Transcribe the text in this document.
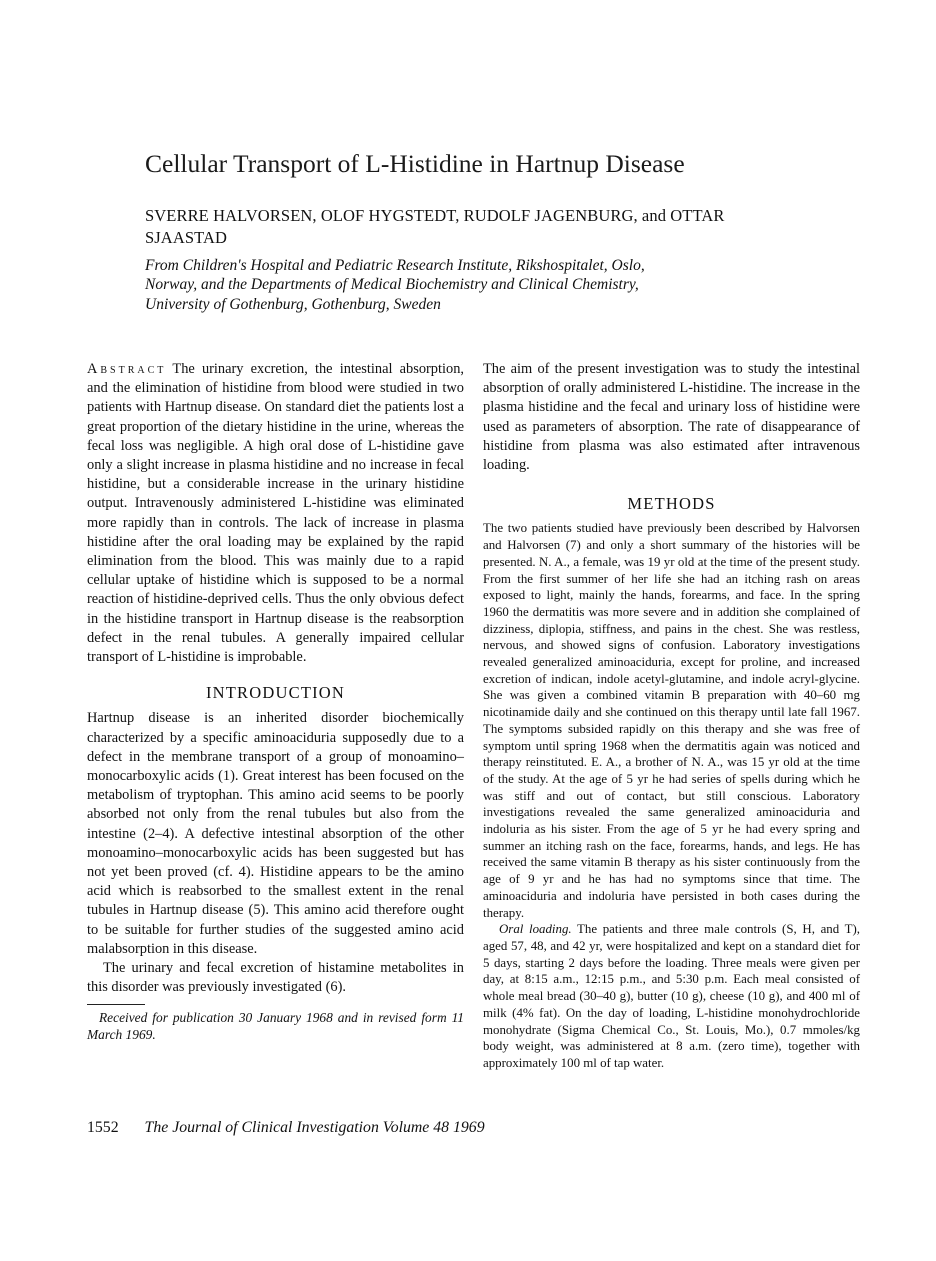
Cellular Transport of L-Histidine in Hartnup Disease
SVERRE HALVORSEN, OLOF HYGSTEDT, RUDOLF JAGENBURG, and OTTAR SJAASTAD
From Children's Hospital and Pediatric Research Institute, Rikshospitalet, Oslo, Norway, and the Departments of Medical Biochemistry and Clinical Chemistry, University of Gothenburg, Gothenburg, Sweden

Abstract The urinary excretion, the intestinal absorption, and the elimination of histidine from blood were studied in two patients with Hartnup disease. On standard diet the patients lost a great proportion of the dietary histidine in the urine, whereas the fecal loss was negligible. A high oral dose of L-histidine gave only a slight increase in plasma histidine and no increase in fecal histidine, but a considerable increase in the urinary histidine output. Intravenously administered L-histidine was eliminated more rapidly than in controls. The lack of increase in plasma histidine after the oral loading may be explained by the rapid elimination from the blood. This was mainly due to a rapid cellular uptake of histidine which is supposed to be a normal reaction of histidine-deprived cells. Thus the only obvious defect in the histidine transport in Hartnup disease is the reabsorption defect in the renal tubules. A generally impaired cellular transport of L-histidine is improbable.

INTRODUCTION

Hartnup disease is an inherited disorder biochemically characterized by a specific aminoaciduria supposedly due to a defect in the membrane transport of a group of monoamino–monocarboxylic acids (1). Great interest has been focused on the metabolism of tryptophan. This amino acid seems to be poorly absorbed not only from the renal tubules but also from the intestine (2–4). A defective intestinal absorption of the other monoamino–monocarboxylic acids has been suggested but has not yet been proved (cf. 4). Histidine appears to be the amino acid which is reabsorbed to the smallest extent in the renal tubules in Hartnup disease (5). This amino acid therefore ought to be suitable for further studies of the suggested amino acid malabsorption in this disease.

The urinary and fecal excretion of histamine metabolites in this disorder was previously investigated (6).

Received for publication 30 January 1968 and in revised form 11 March 1969.

The aim of the present investigation was to study the intestinal absorption of orally administered L-histidine. The increase in the plasma histidine and the fecal and urinary loss of histidine were used as parameters of absorption. The rate of disappearance of histidine from plasma was also estimated after intravenous loading.

METHODS

The two patients studied have previously been described by Halvorsen and Halvorsen (7) and only a short summary of the histories will be presented. N. A., a female, was 19 yr old at the time of the present study. From the first summer of her life she had an itching rash on areas exposed to light, mainly the hands, forearms, and face. In the spring 1960 the dermatitis was more severe and in addition she complained of dizziness, diplopia, stiffness, and pains in the chest. She was restless, nervous, and showed signs of confusion. Laboratory investigations revealed generalized aminoaciduria, except for proline, and increased excretion of indican, indole acetyl-glutamine, and indole acryl-glycine. She was given a combined vitamin B preparation with 40–60 mg nicotinamide daily and she continued on this therapy until late fall 1967. The symptoms subsided rapidly on this therapy and she was free of symptom until spring 1968 when the dermatitis again was noticed and therapy reinstituted. E. A., a brother of N. A., was 15 yr old at the time of the study. At the age of 5 yr he had series of spells during which he was stiff and out of contact, but still conscious. Laboratory investigations revealed the same generalized aminoaciduria and indoluria as his sister. From the age of 5 yr he had every spring and summer an itching rash on the face, forearms, hands, and legs. He has received the same vitamin B therapy as his sister continuously from the age of 9 yr and he has had no symptoms since that time. The aminoaciduria and indoluria have persisted in both cases during the therapy.

Oral loading. The patients and three male controls (S, H, and T), aged 57, 48, and 42 yr, were hospitalized and kept on a standard diet for 5 days, starting 2 days before the loading. Three meals were given per day, at 8:15 a.m., 12:15 p.m., and 5:30 p.m. Each meal consisted of whole meal bread (30–40 g), butter (10 g), cheese (10 g), and 400 ml of milk (4% fat). On the day of loading, L-histidine monohydrochloride monohydrate (Sigma Chemical Co., St. Louis, Mo.), 0.7 mmoles/kg body weight, was administered at 8 a.m. (zero time), together with approximately 100 ml of tap water.

1552 The Journal of Clinical Investigation Volume 48 1969
